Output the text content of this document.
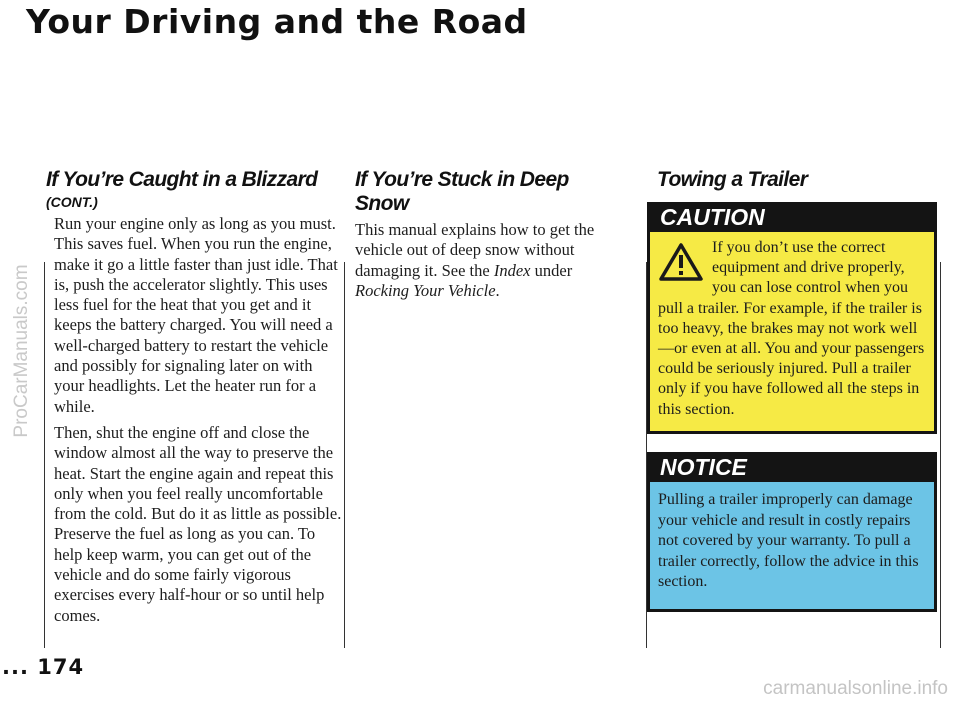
Your Driving and the Road
ProCarManuals.com
If You’re Caught in a Blizzard

(CONT.)

Run your engine only as long as you must. This saves fuel. When you run the engine, make it go a little faster than just idle. That is, push the accelerator slightly. This uses less fuel for the heat that you get and it keeps the battery charged. You will need a well-charged battery to restart the vehicle and possibly for signaling later on with your headlights. Let the heater run for a while.

Then, shut the engine off and close the window almost all the way to preserve the heat. Start the engine again and repeat this only when you feel really uncomfortable from the cold. But do it as little as possible. Preserve the fuel as long as you can. To help keep warm, you can get out of the vehicle and do some fairly vigorous exercises every half-hour or so until help comes.

If You’re Stuck in Deep Snow

This manual explains how to get the vehicle out of deep snow without damaging it. See the Index under Rocking Your Vehicle.

Towing a Trailer
CAUTION
If you don’t use the correct equipment and drive properly, you can lose control when you pull a trailer. For example, if the trailer is too heavy, the brakes may not work well—or even at all. You and your passengers could be seriously injured. Pull a trailer only if you have followed all the steps in this section.
NOTICE
Pulling a trailer improperly can damage your vehicle and result in costly repairs not covered by your warranty. To pull a trailer correctly, follow the advice in this section.
... 174
carmanualsonline.info
